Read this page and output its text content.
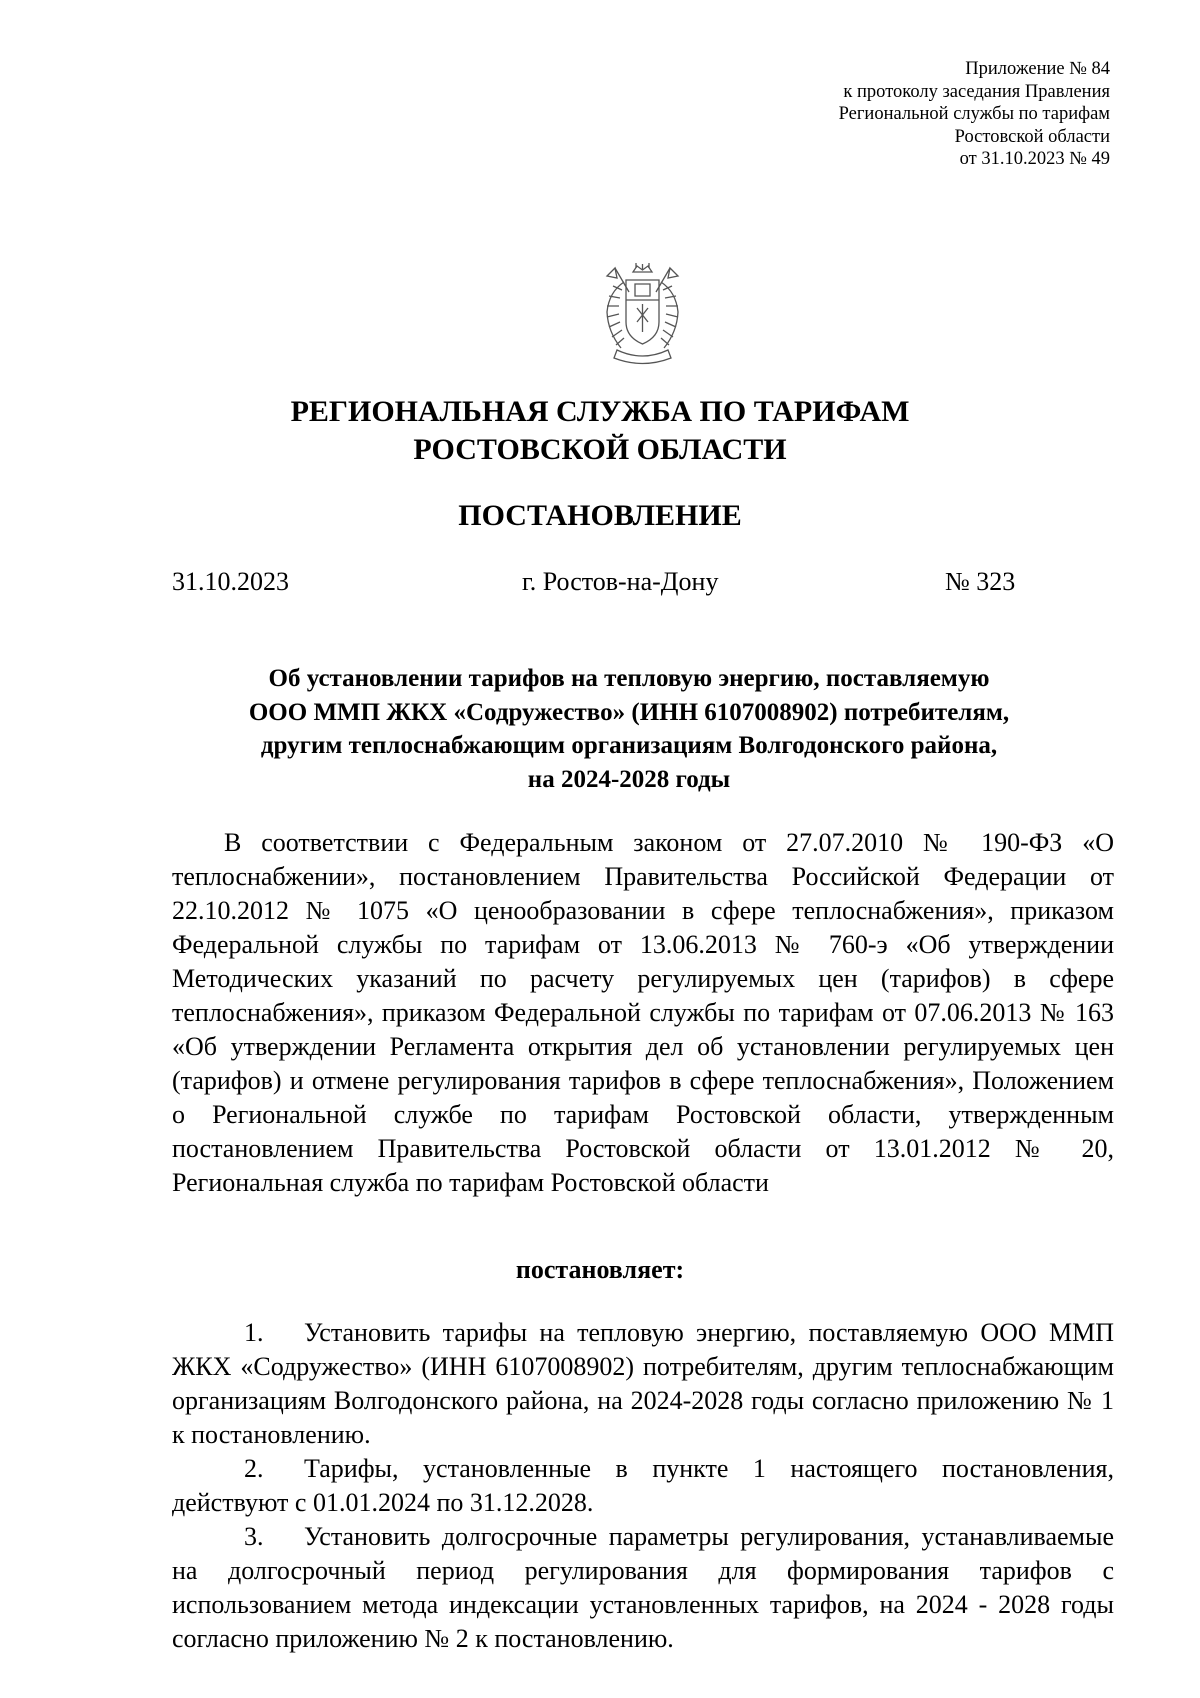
Приложение № 84
к протоколу заседания Правления
Региональной службы по тарифам
Ростовской области
от 31.10.2023 № 49
РЕГИОНАЛЬНАЯ СЛУЖБА ПО ТАРИФАМ
РОСТОВСКОЙ ОБЛАСТИ
ПОСТАНОВЛЕНИЕ
31.10.2023	г. Ростов-на-Дону	№ 323
Об установлении тарифов на тепловую энергию, поставляемую
ООО ММП ЖКХ «Содружество» (ИНН 6107008902) потребителям,
другим теплоснабжающим организациям Волгодонского района,
на 2024-2028 годы
В соответствии с Федеральным законом от 27.07.2010 № 190-ФЗ «О теплоснабжении», постановлением Правительства Российской Федерации от 22.10.2012 № 1075 «О ценообразовании в сфере теплоснабжения», приказом Федеральной службы по тарифам от 13.06.2013 № 760-э «Об утверждении Методических указаний по расчету регулируемых цен (тарифов) в сфере теплоснабжения», приказом Федеральной службы по тарифам от 07.06.2013 № 163 «Об утверждении Регламента открытия дел об установлении регулируемых цен (тарифов) и отмене регулирования тарифов в сфере теплоснабжения», Положением о Региональной службе по тарифам Ростовской области, утвержденным постановлением Правительства Ростовской области от 13.01.2012 № 20, Региональная служба по тарифам Ростовской области
постановляет:

1. Установить тарифы на тепловую энергию, поставляемую ООО ММП ЖКХ «Содружество» (ИНН 6107008902) потребителям, другим теплоснабжающим организациям Волгодонского района, на 2024-2028 годы согласно приложению № 1 к постановлению.

2. Тарифы, установленные в пункте 1 настоящего постановления, действуют с 01.01.2024 по 31.12.2028.

3. Установить долгосрочные параметры регулирования, устанавливаемые на долгосрочный период регулирования для формирования тарифов с использованием метода индексации установленных тарифов, на 2024 - 2028 годы согласно приложению № 2 к постановлению.
